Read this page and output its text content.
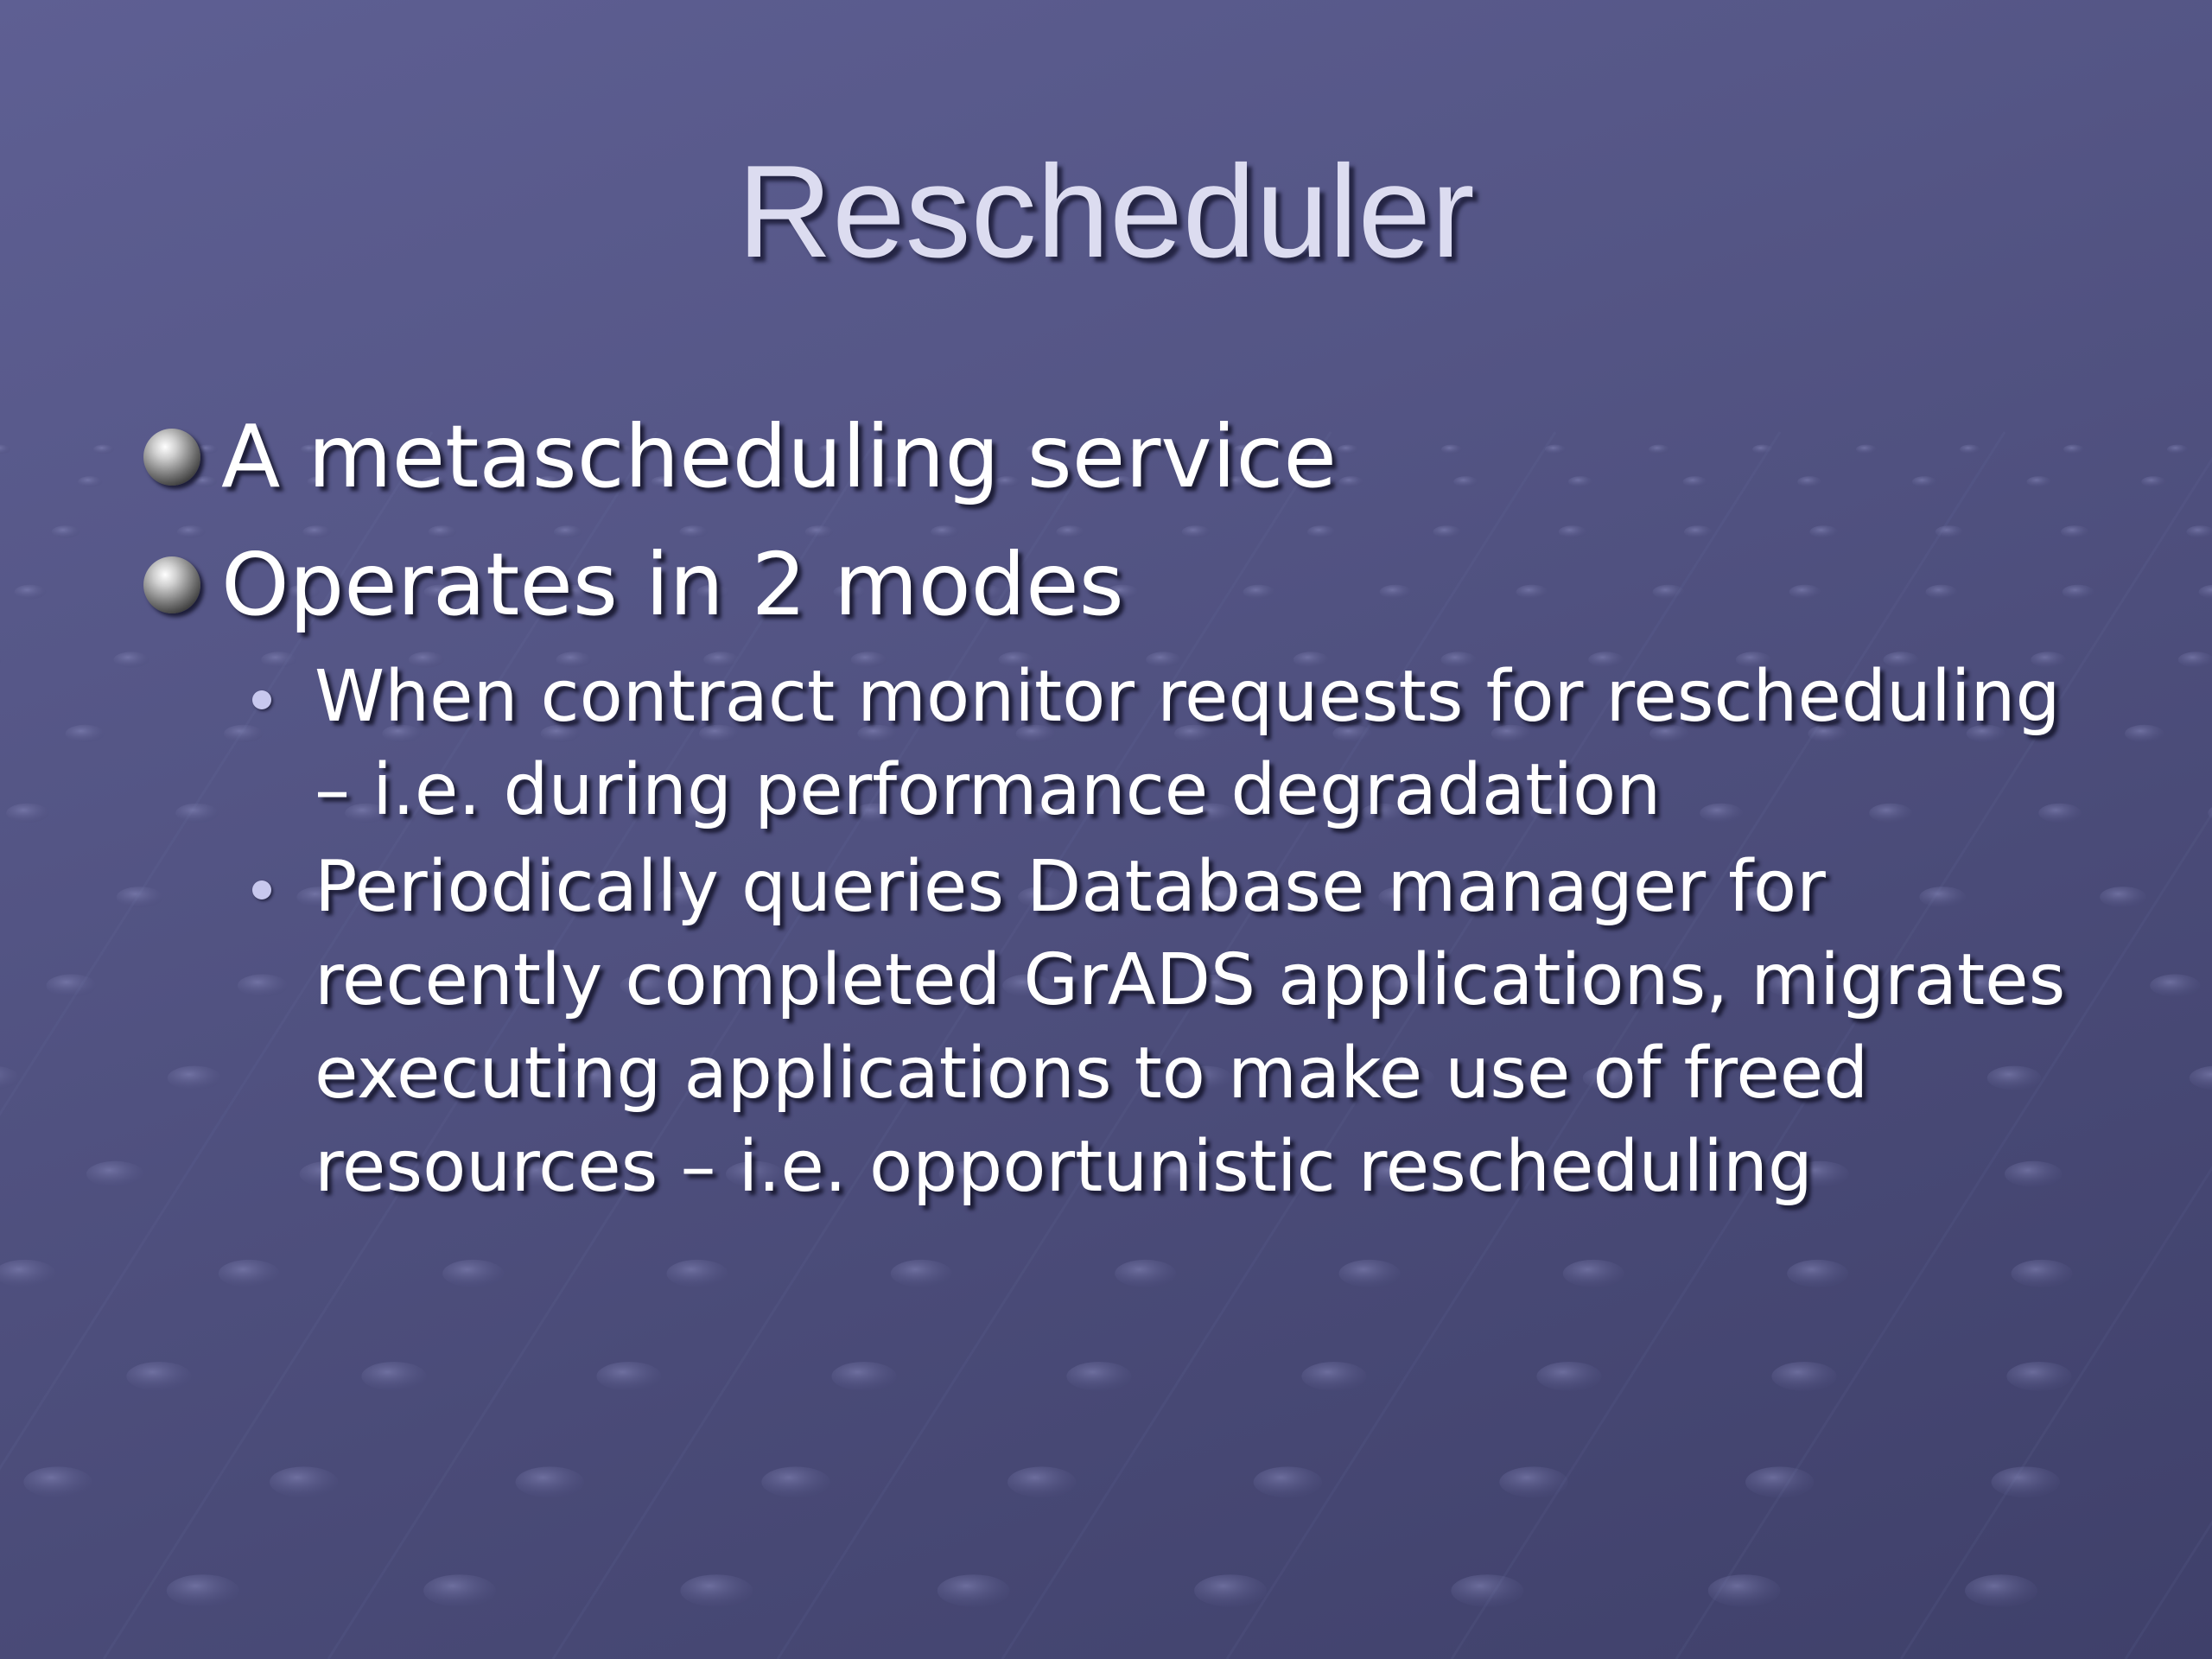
Rescheduler
A metascheduling service
Operates in 2 modes
When contract monitor requests for rescheduling – i.e. during performance degradation
Periodically queries Database manager for recently completed GrADS applications, migrates executing applications to make use of freed resources – i.e. opportunistic rescheduling
